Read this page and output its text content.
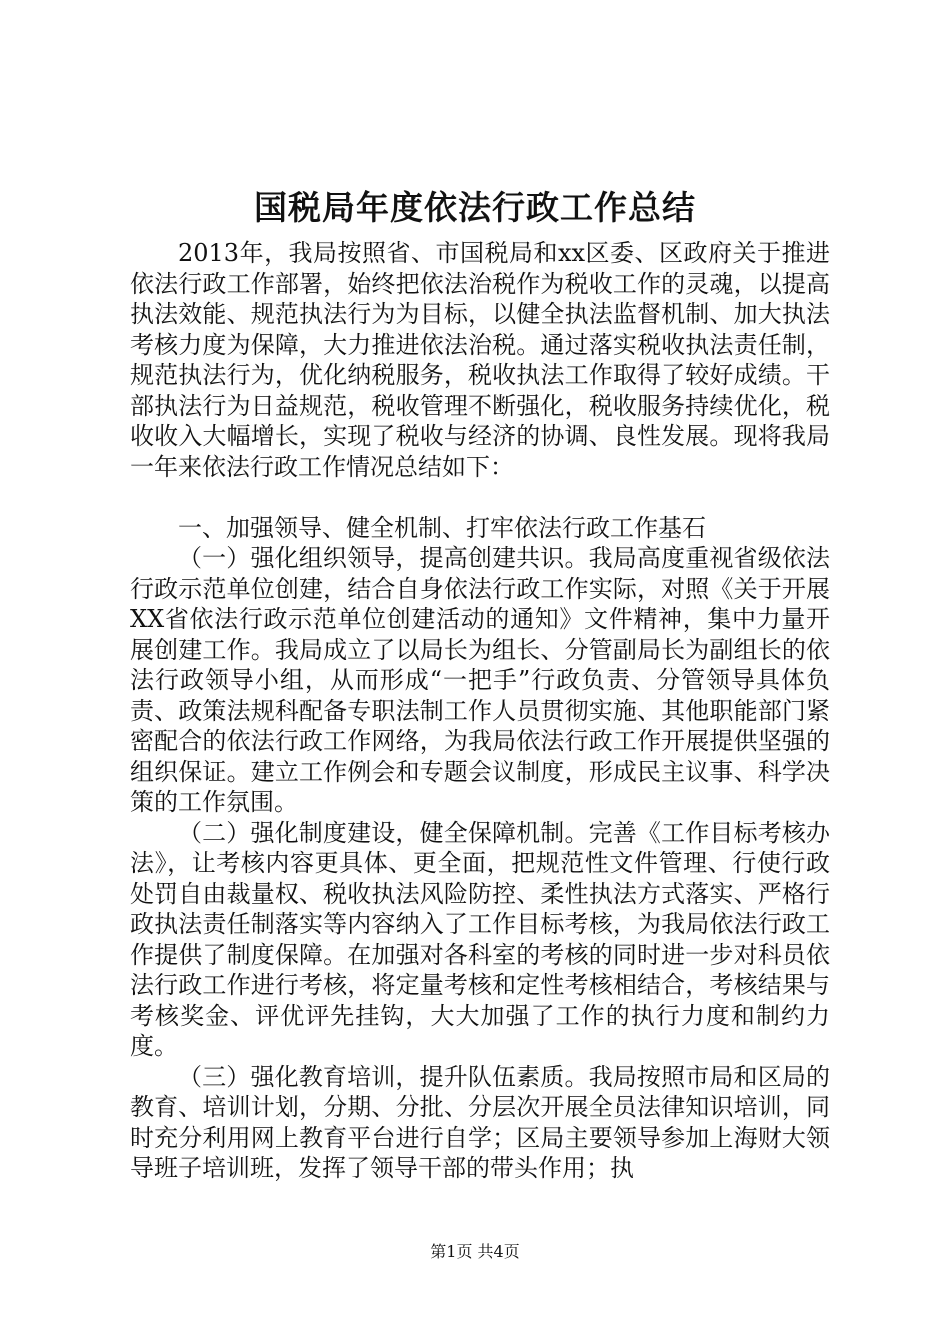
国税局年度依法行政工作总结

2013年，我局按照省、市国税局和xx区委、区政府关于推进依法行政工作部署，始终把依法治税作为税收工作的灵魂，以提高执法效能、规范执法行为为目标，以健全执法监督机制、加大执法考核力度为保障，大力推进依法治税。通过落实税收执法责任制，规范执法行为，优化纳税服务，税收执法工作取得了较好成绩。干部执法行为日益规范，税收管理不断强化，税收服务持续优化，税收收入大幅增长，实现了税收与经济的协调、良性发展。现将我局一年来依法行政工作情况总结如下：

一、加强领导、健全机制、打牢依法行政工作基石

（一）强化组织领导，提高创建共识。我局高度重视省级依法行政示范单位创建，结合自身依法行政工作实际，对照《关于开展XX省依法行政示范单位创建活动的通知》文件精神，集中力量开展创建工作。我局成立了以局长为组长、分管副局长为副组长的依法行政领导小组，从而形成“一把手”行政负责、分管领导具体负责、政策法规科配备专职法制工作人员贯彻实施、其他职能部门紧密配合的依法行政工作网络，为我局依法行政工作开展提供坚强的组织保证。建立工作例会和专题会议制度，形成民主议事、科学决策的工作氛围。

（二）强化制度建设，健全保障机制。完善《工作目标考核办法》，让考核内容更具体、更全面，把规范性文件管理、行使行政处罚自由裁量权、税收执法风险防控、柔性执法方式落实、严格行政执法责任制落实等内容纳入了工作目标考核，为我局依法行政工作提供了制度保障。在加强对各科室的考核的同时进一步对科员依法行政工作进行考核，将定量考核和定性考核相结合，考核结果与考核奖金、评优评先挂钩，大大加强了工作的执行力度和制约力度。

（三）强化教育培训，提升队伍素质。我局按照市局和区局的教育、培训计划，分期、分批、分层次开展全员法律知识培训，同时充分利用网上教育平台进行自学；区局主要领导参加上海财大领导班子培训班，发挥了领导干部的带头作用；执

第1页 共4页
